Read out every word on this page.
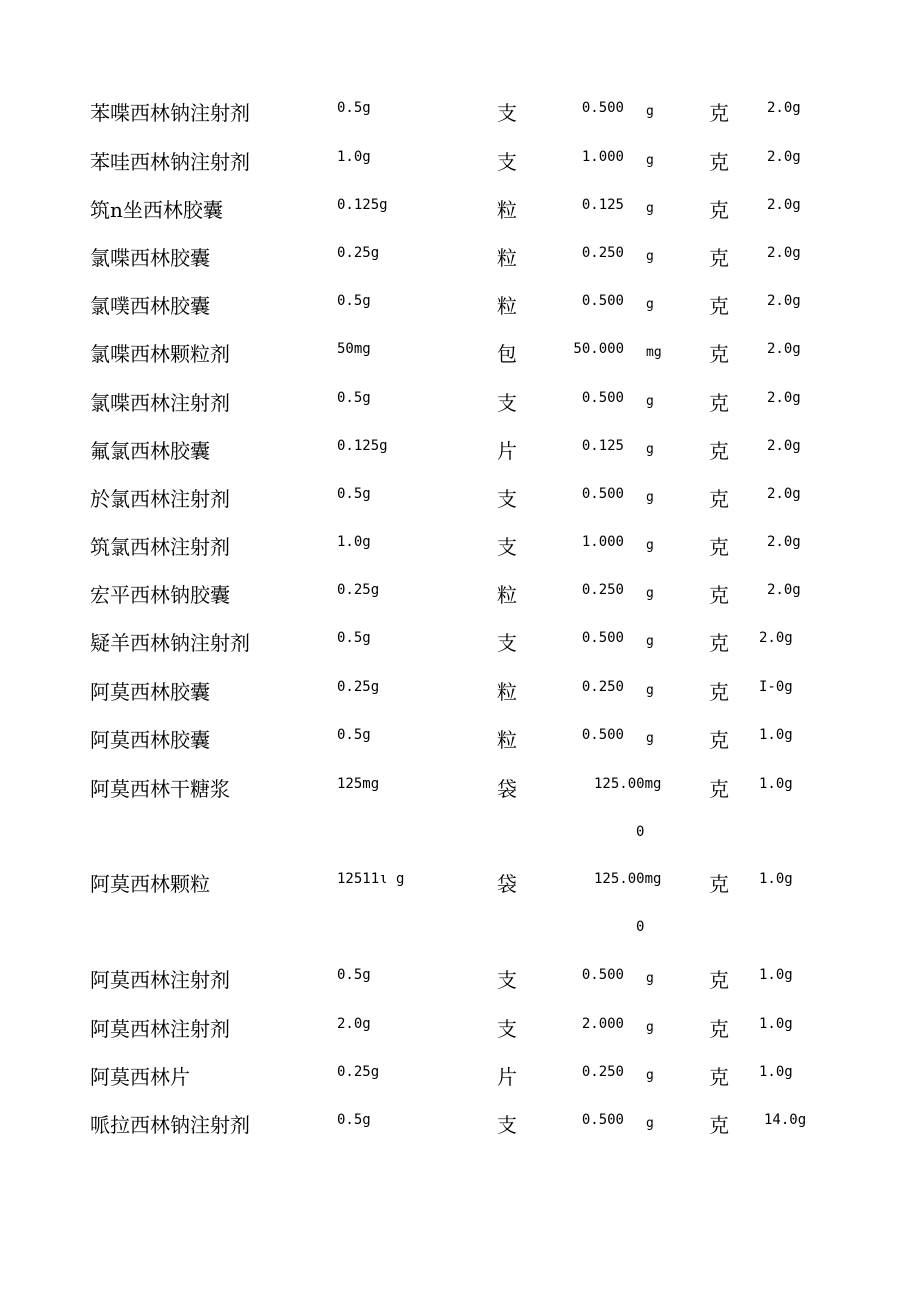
苯喋西林钠注射剂	0.5g	支	0.500 g	克	2.0g
苯哇西林钠注射剂	1.0g	支	1.000 g	克	2.0g
筑n坐西林胶囊	0.125g	粒	0.125 g	克	2.0g
氯喋西林胶囊	0.25g	粒	0.250 g	克	2.0g
氯噗西林胶囊	0.5g	粒	0.500 g	克	2.0g
氯喋西林颗粒剂	50mg	包	50.000 mg 克	2.0g
氯喋西林注射剂	0.5g	支	0.500 g	克	2.0g
氟氯西林胶囊	0.125g	片	0.125 g	克	2.0g
於氯西林注射剂	0.5g	支	0.500 g	克	2.0g
筑氯西林注射剂	1.0g	支	1.000 g	克	2.0g
宏平西林钠胶囊	0.25g	粒	0.250 g	克	2.0g
疑羊西林钠注射剂	0.5g	支	0.500 g	克 2.0g
阿莫西林胶囊	0.25g	粒	0.250 g	克 I-0g
阿莫西林胶囊	0.5g	粒	0.500 g	克 1.0g
阿莫西林干糖浆	125mg	袋	125.00mg 克 1.0g
0
阿莫西林颗粒	12511ι g	袋	125.00mg 克 1.0g
0
阿莫西林注射剂	0.5g	支	0.500 g	克 1.0g
阿莫西林注射剂	2.0g	支	2.000 g	克 1.0g
阿莫西林片	0.25g	片	0.250 g	克 1.0g
哌拉西林钠注射剂	0.5g	支	0.500 g	克	14.0g
